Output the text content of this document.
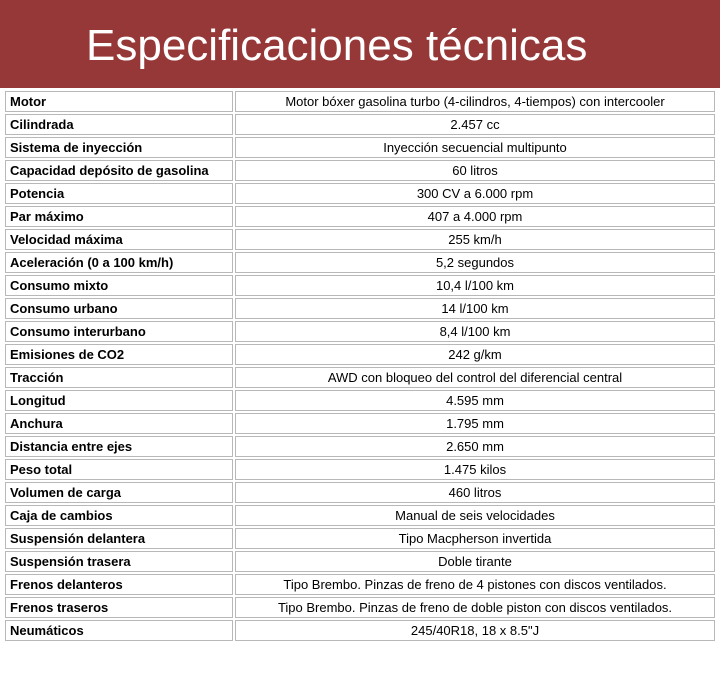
Especificaciones técnicas
Motor	Motor bóxer gasolina turbo (4-cilindros, 4-tiempos) con intercooler
Cilindrada	2.457 cc
Sistema de inyección	Inyección secuencial multipunto
Capacidad depósito de gasolina	60 litros
Potencia	300 CV a 6.000 rpm
Par máximo	407 a 4.000 rpm
Velocidad máxima	255 km/h
Aceleración (0 a 100 km/h)	5,2 segundos
Consumo mixto	10,4 l/100 km
Consumo urbano	14 l/100 km
Consumo interurbano	8,4 l/100 km
Emisiones de CO2	242 g/km
Tracción	AWD con bloqueo del control del diferencial central
Longitud	4.595 mm
Anchura	1.795 mm
Distancia entre ejes	2.650 mm
Peso total	1.475 kilos
Volumen de carga	460 litros
Caja de cambios	Manual de seis velocidades
Suspensión delantera	Tipo Macpherson invertida
Suspensión trasera	Doble tirante
Frenos delanteros	Tipo Brembo. Pinzas de freno de 4 pistones con discos ventilados.
Frenos traseros	Tipo Brembo. Pinzas de freno de doble piston con discos ventilados.
Neumáticos	245/40R18, 18 x 8.5"J
